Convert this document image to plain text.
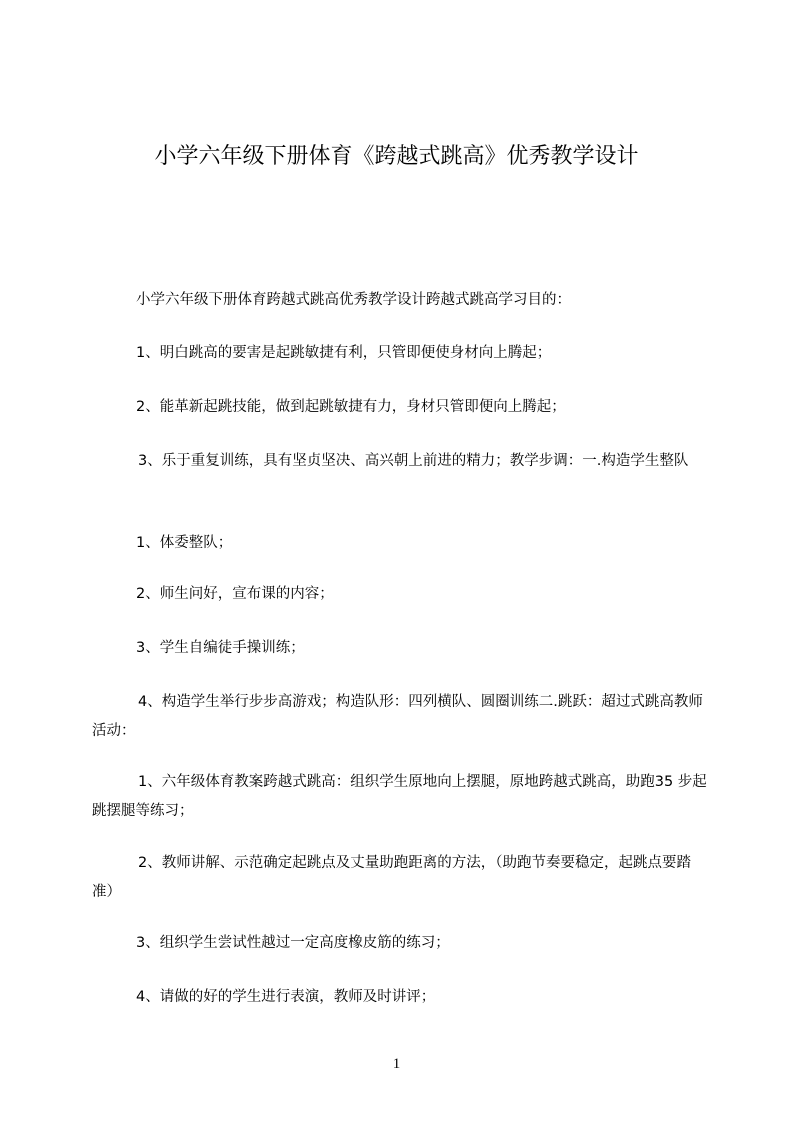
小学六年级下册体育《跨越式跳高》优秀教学设计

小学六年级下册体育跨越式跳高优秀教学设计跨越式跳高学习目的：

1、明白跳高的要害是起跳敏捷有利，只管即便使身材向上腾起；

2、能革新起跳技能，做到起跳敏捷有力，身材只管即便向上腾起；

3、乐于重复训练，具有坚贞坚决、高兴朝上前进的精力；教学步调：一.构造学生整队

1、体委整队；

2、师生问好，宣布课的内容；

3、学生自编徒手操训练；

4、构造学生举行步步高游戏；构造队形：四列横队、圆圈训练二.跳跃：超过式跳高教师活动：

1、六年级体育教案跨越式跳高：组织学生原地向上摆腿，原地跨越式跳高，助跑35 步起跳摆腿等练习；

2、教师讲解、示范确定起跳点及丈量助跑距离的方法，（助跑节奏要稳定，起跳点要踏准）

3、组织学生尝试性越过一定高度橡皮筋的练习；

4、请做的好的学生进行表演，教师及时讲评；

1
